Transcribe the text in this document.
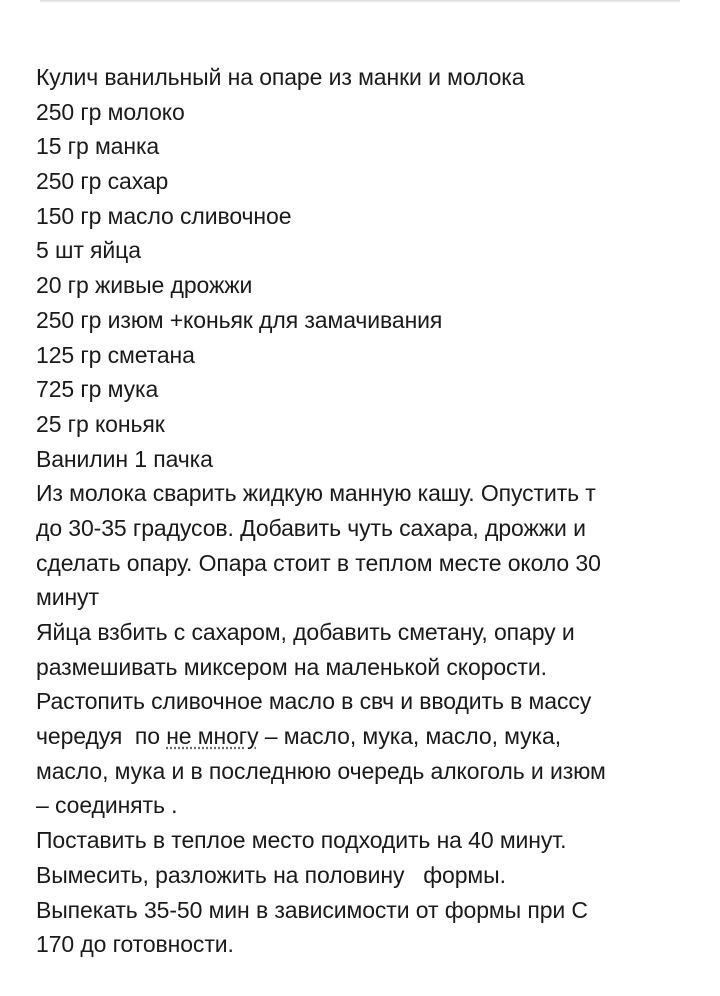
Кулич ванильный на опаре из манки и молока
250 гр молоко
15 гр манка
250 гр сахар
150 гр масло сливочное
5 шт яйца
20 гр живые дрожжи
250 гр изюм +коньяк для замачивания
125 гр сметана
725 гр мука
25 гр коньяк
Ванилин 1 пачка
Из молока сварить жидкую манную кашу. Опустить т
до 30-35 градусов. Добавить чуть сахара, дрожжи и
сделать опару. Опара стоит в теплом месте около 30
минут
Яйца взбить с сахаром, добавить сметану, опару и
размешивать миксером на маленькой скорости.
Растопить сливочное масло в свч и вводить в массу
чередуя  по не многу – масло, мука, масло, мука,
масло, мука и в последнюю очередь алкоголь и изюм
– соединять .
Поставить в теплое место подходить на 40 минут.
Вымесить, разложить на половину   формы.
Выпекать 35-50 мин в зависимости от формы при С
170 до готовности.
